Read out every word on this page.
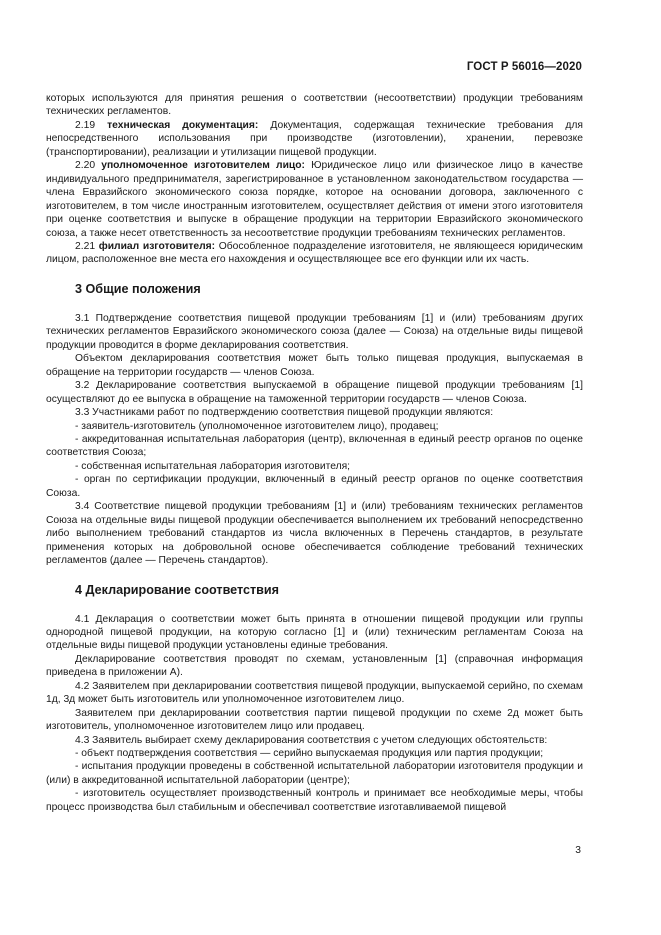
ГОСТ Р 56016—2020

которых используются для принятия решения о соответствии (несоответствии) продукции требованиям технических регламентов.

2.19 техническая документация: Документация, содержащая технические требования для непосредственного использования при производстве (изготовлении), хранении, перевозке (транспортировании), реализации и утилизации пищевой продукции.

2.20 уполномоченное изготовителем лицо: Юридическое лицо или физическое лицо в качестве индивидуального предпринимателя, зарегистрированное в установленном законодательством государства — члена Евразийского экономического союза порядке, которое на основании договора, заключенного с изготовителем, в том числе иностранным изготовителем, осуществляет действия от имени этого изготовителя при оценке соответствия и выпуске в обращение продукции на территории Евразийского экономического союза, а также несет ответственность за несоответствие продукции требованиям технических регламентов.

2.21 филиал изготовителя: Обособленное подразделение изготовителя, не являющееся юридическим лицом, расположенное вне места его нахождения и осуществляющее все его функции или их часть.

3 Общие положения

3.1 Подтверждение соответствия пищевой продукции требованиям [1] и (или) требованиям других технических регламентов Евразийского экономического союза (далее — Союза) на отдельные виды пищевой продукции проводится в форме декларирования соответствия.

Объектом декларирования соответствия может быть только пищевая продукция, выпускаемая в обращение на территории государств — членов Союза.

3.2 Декларирование соответствия выпускаемой в обращение пищевой продукции требованиям [1] осуществляют до ее выпуска в обращение на таможенной территории государств — членов Союза.

3.3 Участниками работ по подтверждению соответствия пищевой продукции являются:

- заявитель-изготовитель (уполномоченное изготовителем лицо), продавец;

- аккредитованная испытательная лаборатория (центр), включенная в единый реестр органов по оценке соответствия Союза;

- собственная испытательная лаборатория изготовителя;

- орган по сертификации продукции, включенный в единый реестр органов по оценке соответствия Союза.

3.4 Соответствие пищевой продукции требованиям [1] и (или) требованиям технических регламентов Союза на отдельные виды пищевой продукции обеспечивается выполнением их требований непосредственно либо выполнением требований стандартов из числа включенных в Перечень стандартов, в результате применения которых на добровольной основе обеспечивается соблюдение требований технических регламентов (далее — Перечень стандартов).

4 Декларирование соответствия

4.1 Декларация о соответствии может быть принята в отношении пищевой продукции или группы однородной пищевой продукции, на которую согласно [1] и (или) техническим регламентам Союза на отдельные виды пищевой продукции установлены единые требования.

Декларирование соответствия проводят по схемам, установленным [1] (справочная информация приведена в приложении А).

4.2 Заявителем при декларировании соответствия пищевой продукции, выпускаемой серийно, по схемам 1д, 3д может быть изготовитель или уполномоченное изготовителем лицо.

Заявителем при декларировании соответствия партии пищевой продукции по схеме 2д может быть изготовитель, уполномоченное изготовителем лицо или продавец.

4.3 Заявитель выбирает схему декларирования соответствия с учетом следующих обстоятельств:

- объект подтверждения соответствия — серийно выпускаемая продукция или партия продукции;

- испытания продукции проведены в собственной испытательной лаборатории изготовителя продукции и (или) в аккредитованной испытательной лаборатории (центре);

- изготовитель осуществляет производственный контроль и принимает все необходимые меры, чтобы процесс производства был стабильным и обеспечивал соответствие изготавливаемой пищевой

3
